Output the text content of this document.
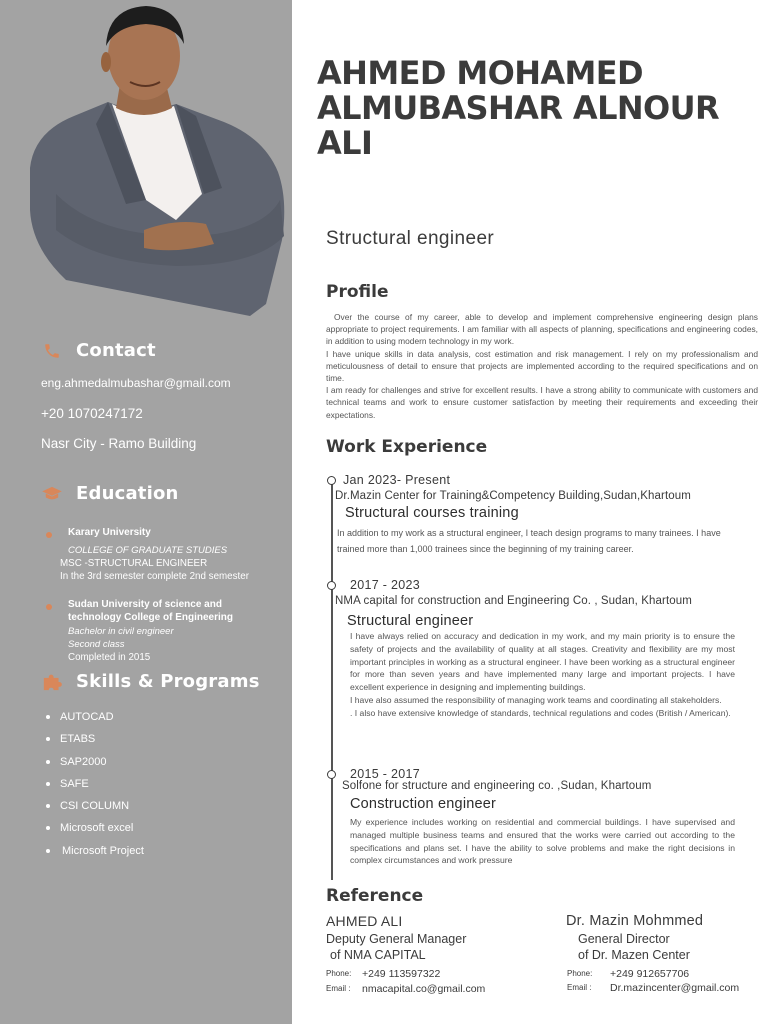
Contact
eng.ahmedalmubashar@gmail.com
+20 1070247172
Nasr City - Ramo Building
Education
Karary University
COLLEGE OF GRADUATE STUDIES
MSC -STRUCTURAL ENGINEER
In the 3rd semester complete 2nd semester
Sudan University of science and technology College of Engineering
Bachelor in civil engineer
Second class
Completed in 2015
Skills & Programs
AUTOCAD
ETABS
SAP2000
SAFE
CSI COLUMN
Microsoft excel
Microsoft Project
AHMED MOHAMED ALMUBASHAR ALNOUR ALI
Structural engineer
Profile

Over the course of my career, able to develop and implement comprehensive engineering design plans appropriate to project requirements. I am familiar with all aspects of planning, specifications and engineering codes, in addition to using modern technology in my work.

I have unique skills in data analysis, cost estimation and risk management. I rely on my professionalism and meticulousness of detail to ensure that projects are implemented according to the required specifications and on time.

I am ready for challenges and strive for excellent results. I have a strong ability to communicate with customers and technical teams and work to ensure customer satisfaction by meeting their requirements and exceeding their expectations.

Work Experience
Jan 2023- Present
Dr.Mazin Center for Training&Competency Building,Sudan,Khartoum
Structural courses training

In addition to my work as a structural engineer, I teach design programs to many trainees. I have trained more than 1,000 trainees since the beginning of my training career.

2017 - 2023
NMA capital for construction and Engineering Co. , Sudan, Khartoum
Structural engineer

I have always relied on accuracy and dedication in my work, and my main priority is to ensure the safety of projects and the availability of quality at all stages. Creativity and flexibility are my most important principles in working as a structural engineer. I have been working as a structural engineer for more than seven years and have implemented many large and important projects. I have excellent experience in designing and implementing buildings.

I have also assumed the responsibility of managing work teams and coordinating all stakeholders.

. I also have extensive knowledge of standards, technical regulations and codes (British / American).

2015 - 2017
Solfone for structure and engineering co. ,Sudan, Khartoum
Construction engineer

My experience includes working on residential and commercial buildings. I have supervised and managed multiple business teams and ensured that the works were carried out according to the specifications and plans set. I have the ability to solve problems and make the right decisions in complex circumstances and work pressure

Reference
AHMED ALI
Deputy General Manager
of NMA CAPITAL
Phone:	+249 113597322
Email :	nmacapital.co@gmail.com
Dr. Mazin Mohmmed
General Director
of Dr. Mazen Center
Phone:	+249 912657706
Email :	Dr.mazincenter@gmail.com
